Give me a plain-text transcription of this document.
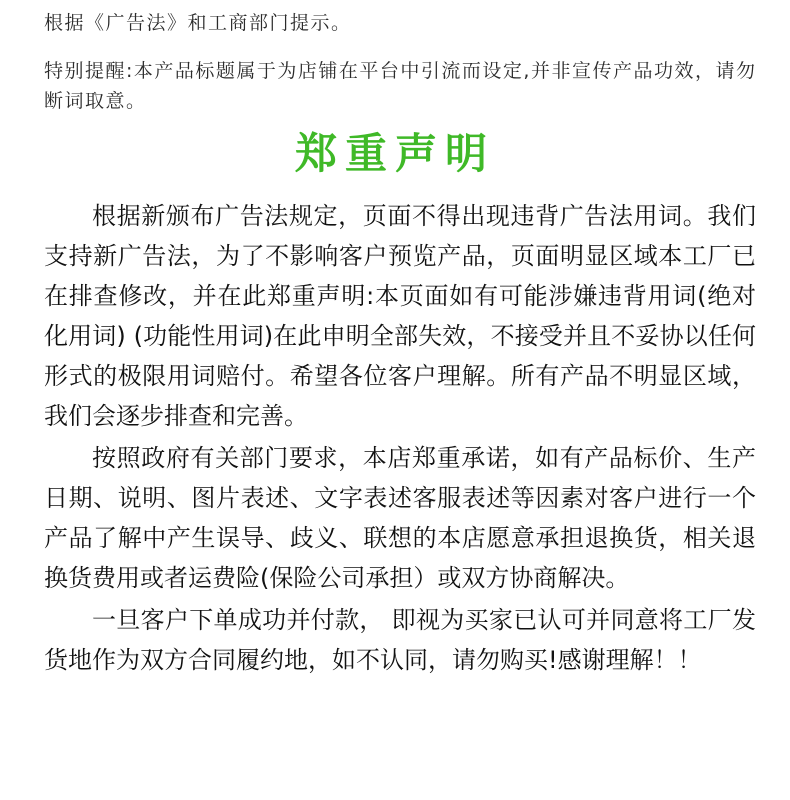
根据《广告法》和工商部门提示。
特别提醒:本产品标题属于为店铺在平台中引流而设定,并非宣传产品功效，请勿断词取意。
郑重声明

根据新颁布广告法规定，页面不得出现违背广告法用词。我们支持新广告法，为了不影响客户预览产品，页面明显区域本工厂已在排查修改，并在此郑重声明:本页面如有可能涉嫌违背用词(绝对化用词) (功能性用词)在此申明全部失效，不接受并且不妥协以任何形式的极限用词赔付。希望各位客户理解。所有产品不明显区域，我们会逐步排查和完善。

按照政府有关部门要求，本店郑重承诺，如有产品标价、生产日期、说明、图片表述、文字表述客服表述等因素对客户进行一个产品了解中产生误导、歧义、联想的本店愿意承担退换货，相关退换货费用或者运费险(保险公司承担）或双方协商解决。

一旦客户下单成功并付款， 即视为买家已认可并同意将工厂发货地作为双方合同履约地，如不认同，请勿购买!感谢理解！！
